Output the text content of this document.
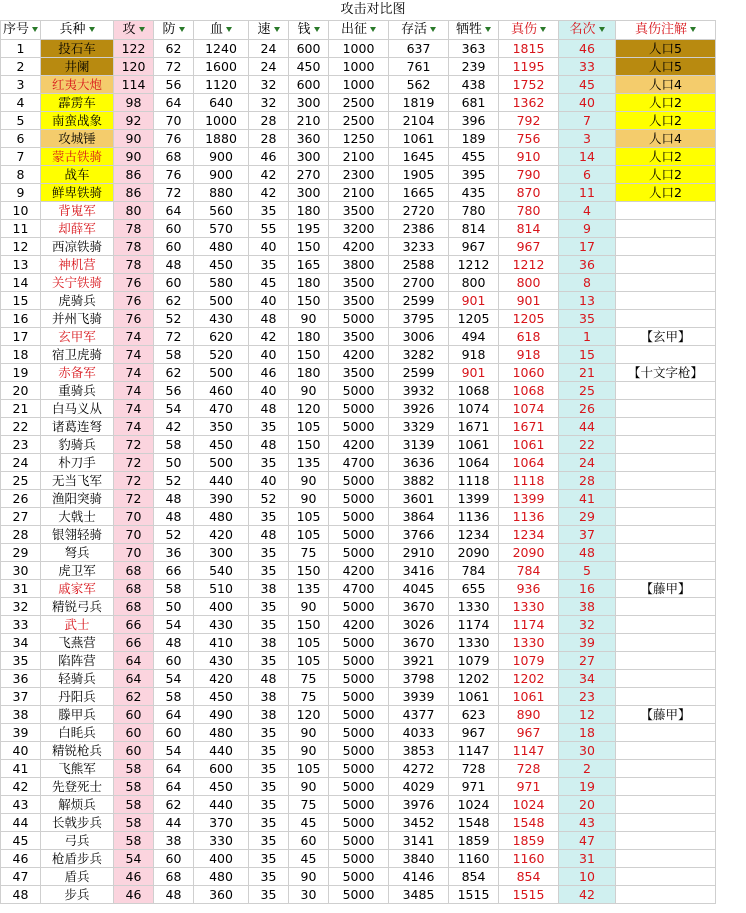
攻击对比图
序号	兵种	攻	防	血	速	钱	出征	存活	牺牲	真伤	名次	真伤注解
1	投石车	122	62	1240	24	600	1000	637	363	1815	46	人口5
2	井阑	120	72	1600	24	450	1000	761	239	1195	33	人口5
3	红夷大炮	114	56	1120	32	600	1000	562	438	1752	45	人口4
4	霹雳车	98	64	640	32	300	2500	1819	681	1362	40	人口2
5	南蛮战象	92	70	1000	28	210	2500	2104	396	792	7	人口2
6	攻城锤	90	76	1880	28	360	1250	1061	189	756	3	人口4
7	蒙古铁骑	90	68	900	46	300	2100	1645	455	910	14	人口2
8	战车	86	76	900	42	270	2300	1905	395	790	6	人口2
9	鲜卑铁骑	86	72	880	42	300	2100	1665	435	870	11	人口2
10	背嵬军	80	64	560	35	180	3500	2720	780	780	4	
11	却薛军	78	60	570	55	195	3200	2386	814	814	9	
12	西凉铁骑	78	60	480	40	150	4200	3233	967	967	17	
13	神机营	78	48	450	35	165	3800	2588	1212	1212	36	
14	关宁铁骑	76	60	580	45	180	3500	2700	800	800	8	
15	虎骑兵	76	62	500	40	150	3500	2599	901	901	13	
16	并州飞骑	76	52	430	48	90	5000	3795	1205	1205	35	
17	玄甲军	74	72	620	42	180	3500	3006	494	618	1	【玄甲】
18	宿卫虎骑	74	58	520	40	150	4200	3282	918	918	15	
19	赤备军	74	62	500	46	180	3500	2599	901	1060	21	【十文字枪】
20	重骑兵	74	56	460	40	90	5000	3932	1068	1068	25	
21	白马义从	74	54	470	48	120	5000	3926	1074	1074	26	
22	诸葛连弩	74	42	350	35	105	5000	3329	1671	1671	44	
23	豹骑兵	72	58	450	48	150	4200	3139	1061	1061	22	
24	朴刀手	72	50	500	35	135	4700	3636	1064	1064	24	
25	无当飞军	72	52	440	40	90	5000	3882	1118	1118	28	
26	渔阳突骑	72	48	390	52	90	5000	3601	1399	1399	41	
27	大戟士	70	48	480	35	105	5000	3864	1136	1136	29	
28	银翎轻骑	70	52	420	48	105	5000	3766	1234	1234	37	
29	弩兵	70	36	300	35	75	5000	2910	2090	2090	48	
30	虎卫军	68	66	540	35	150	4200	3416	784	784	5	
31	戚家军	68	58	510	38	135	4700	4045	655	936	16	【藤甲】
32	精锐弓兵	68	50	400	35	90	5000	3670	1330	1330	38	
33	武士	66	54	430	35	150	4200	3026	1174	1174	32	
34	飞燕营	66	48	410	38	105	5000	3670	1330	1330	39	
35	陷阵营	64	60	430	35	105	5000	3921	1079	1079	27	
36	轻骑兵	64	54	420	48	75	5000	3798	1202	1202	34	
37	丹阳兵	62	58	450	38	75	5000	3939	1061	1061	23	
38	滕甲兵	60	64	490	38	120	5000	4377	623	890	12	【藤甲】
39	白眊兵	60	60	480	35	90	5000	4033	967	967	18	
40	精锐枪兵	60	54	440	35	90	5000	3853	1147	1147	30	
41	飞熊军	58	64	600	35	105	5000	4272	728	728	2	
42	先登死士	58	64	450	35	90	5000	4029	971	971	19	
43	解烦兵	58	62	440	35	75	5000	3976	1024	1024	20	
44	长戟步兵	58	44	370	35	45	5000	3452	1548	1548	43	
45	弓兵	58	38	330	35	60	5000	3141	1859	1859	47	
46	枪盾步兵	54	60	400	35	45	5000	3840	1160	1160	31	
47	盾兵	46	68	480	35	90	5000	4146	854	854	10	
48	步兵	46	48	360	35	30	5000	3485	1515	1515	42	
